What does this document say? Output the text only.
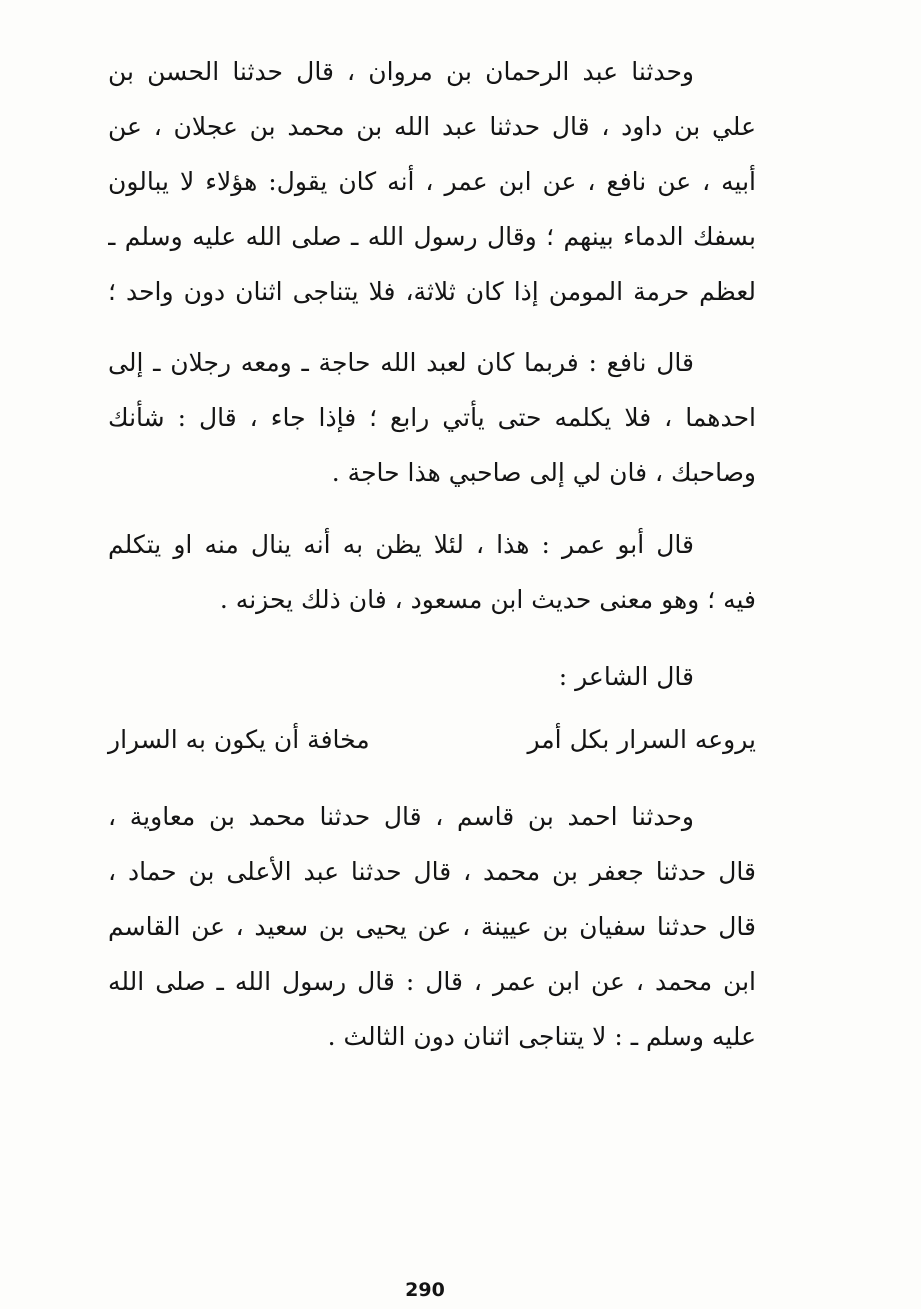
وحدثنا عبد الرحمان بن مروان ، قال حدثنا الحسن بن
علي بن داود ، قال حدثنا عبد الله بن محمد بن عجلان ، عن
أبيه ، عن نافع ، عن ابن عمر ، أنه كان يقول: هؤلاء لا يبالون
بسفك الدماء بينهم ؛ وقال رسول الله ـ صلى الله عليه وسلم ـ
لعظم حرمة المومن إذا كان ثلاثة، فلا يتناجى اثنان دون واحد ؛
قال نافع : فربما كان لعبد الله حاجة ـ ومعه رجلان ـ إلى
احدهما ، فلا يكلمه حتى يأتي رابع ؛ فإذا جاء ، قال : شأنك
وصاحبك ، فان لي إلى صاحبي هذا حاجة .
قال أبو عمر : هذا ، لئلا يظن به أنه ينال منه او يتكلم
فيه ؛ وهو معنى حديث ابن مسعود ، فان ذلك يحزنه .
قال الشاعر :
يروعه السرار بكل أمر
مخافة أن يكون به السرار
وحدثنا احمد بن قاسم ، قال حدثنا محمد بن معاوية ،
قال حدثنا جعفر بن محمد ، قال حدثنا عبد الأعلى بن حماد ،
قال حدثنا سفيان بن عيينة ، عن يحيى بن سعيد ، عن القاسم
ابن محمد ، عن ابن عمر ، قال : قال رسول الله ـ صلى الله
عليه وسلم ـ : لا يتناجى اثنان دون الثالث .
290
